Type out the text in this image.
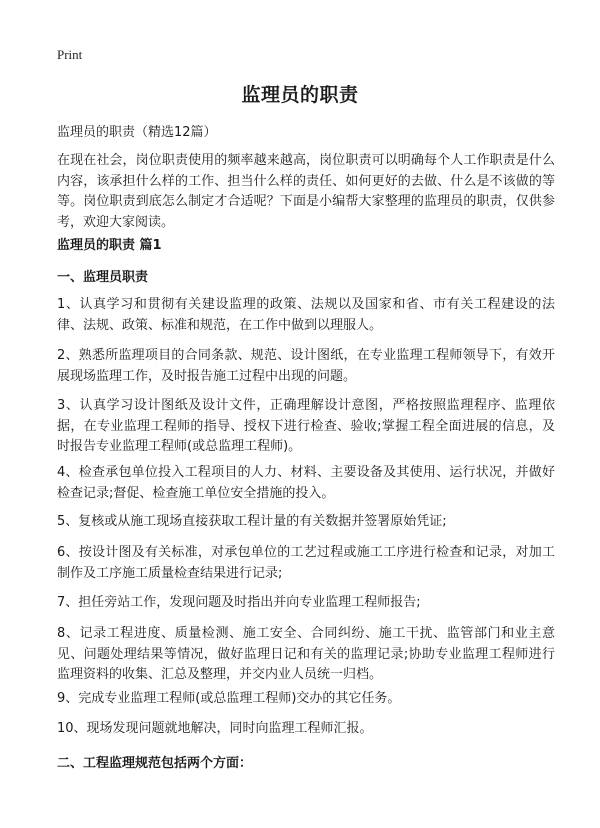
Print
监理员的职责
监理员的职责（精选12篇）

在现在社会，岗位职责使用的频率越来越高，岗位职责可以明确每个人工作职责是什么内容，该承担什么样的工作、担当什么样的责任、如何更好的去做、什么是不该做的等等。岗位职责到底怎么制定才合适呢？下面是小编帮大家整理的监理员的职责，仅供参考，欢迎大家阅读。

监理员的职责 篇1
一、监理员职责

1、认真学习和贯彻有关建设监理的政策、法规以及国家和省、市有关工程建设的法律、法规、政策、标准和规范，在工作中做到以理服人。

2、熟悉所监理项目的合同条款、规范、设计图纸，在专业监理工程师领导下，有效开展现场监理工作，及时报告施工过程中出现的问题。

3、认真学习设计图纸及设计文件，正确理解设计意图，严格按照监理程序、监理依据，在专业监理工程师的指导、授权下进行检查、验收;掌握工程全面进展的信息，及时报告专业监理工程师(或总监理工程师)。

4、检查承包单位投入工程项目的人力、材料、主要设备及其使用、运行状况，并做好检查记录;督促、检查施工单位安全措施的投入。

5、复核或从施工现场直接获取工程计量的有关数据并签署原始凭证;

6、按设计图及有关标准，对承包单位的工艺过程或施工工序进行检查和记录，对加工制作及工序施工质量检查结果进行记录;

7、担任旁站工作，发现问题及时指出并向专业监理工程师报告;

8、记录工程进度、质量检测、施工安全、合同纠纷、施工干扰、监管部门和业主意见、问题处理结果等情况，做好监理日记和有关的监理记录;协助专业监理工程师进行监理资料的收集、汇总及整理，并交内业人员统一归档。

9、完成专业监理工程师(或总监理工程师)交办的其它任务。

10、现场发现问题就地解决，同时向监理工程师汇报。

二、工程监理规范包括两个方面：
